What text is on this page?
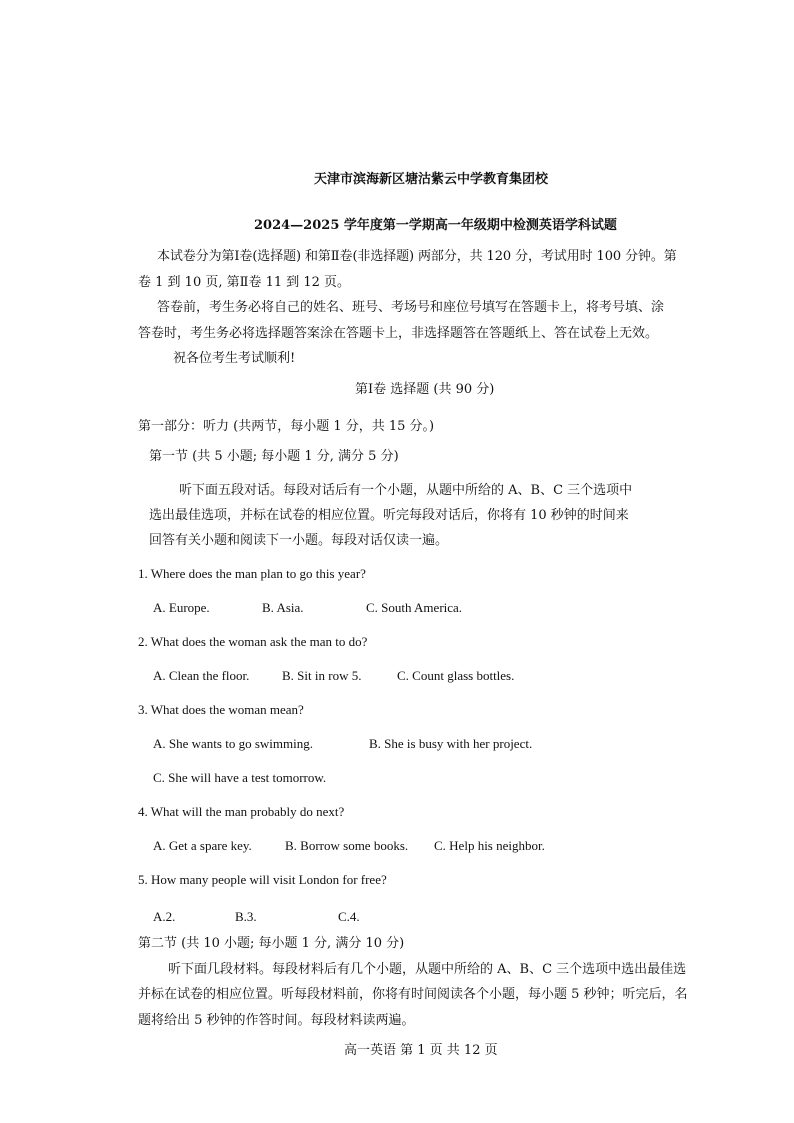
天津市滨海新区塘沽紫云中学教育集团校
2024—2025 学年度第一学期高一年级期中检测英语学科试题
本试卷分为第Ⅰ卷(选择题) 和第Ⅱ卷(非选择题) 两部分，共 120 分，考试用时 100 分钟。第
卷 1 到 10 页, 第Ⅱ卷 11 到 12 页。
答卷前，考生务必将自己的姓名、班号、考场号和座位号填写在答题卡上，将考号填、涂
答卷时，考生务必将选择题答案涂在答题卡上，非选择题答在答题纸上、答在试卷上无效。
祝各位考生考试顺利!
第Ⅰ卷 选择题 (共 90 分)
第一部分：听力 (共两节，每小题 1 分，共 15 分。)
第一节 (共 5 小题; 每小题 1 分, 满分 5 分)
听下面五段对话。每段对话后有一个小题，从题中所给的 A、B、C 三个选项中
选出最佳选项，并标在试卷的相应位置。听完每段对话后，你将有 10 秒钟的时间来
回答有关小题和阅读下一小题。每段对话仅读一遍。
1. Where does the man plan to go this year?
A. Europe.	B. Asia.	C. South America.
2. What does the woman ask the man to do?
A. Clean the floor.	B. Sit in row 5.	C. Count glass bottles.
3. What does the woman mean?
A. She wants to go swimming.	B. She is busy with her project.
C. She will have a test tomorrow.
4. What will the man probably do next?
A. Get a spare key.	B. Borrow some books. C. Help his neighbor.
5. How many people will visit London for free?
A.2.	B.3.	C.4.
第二节 (共 10 小题; 每小题 1 分, 满分 10 分)
听下面几段材料。每段材料后有几个小题，从题中所给的 A、B、C 三个选项中选出最佳选
并标在试卷的相应位置。听每段材料前，你将有时间阅读各个小题，每小题 5 秒钟；听完后，名
题将给出 5 秒钟的作答时间。每段材料读两遍。
高一英语 第 1 页 共 12 页
